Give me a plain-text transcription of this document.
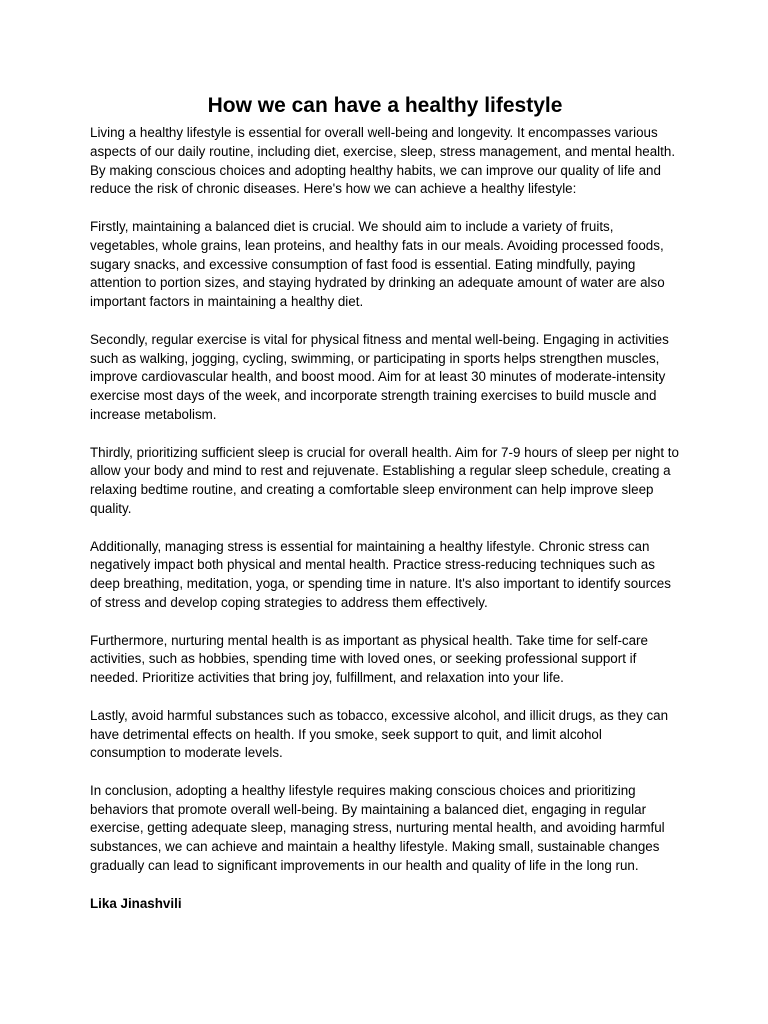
How we can have a healthy lifestyle

Living a healthy lifestyle is essential for overall well-being and longevity. It encompasses various aspects of our daily routine, including diet, exercise, sleep, stress management, and mental health. By making conscious choices and adopting healthy habits, we can improve our quality of life and reduce the risk of chronic diseases. Here's how we can achieve a healthy lifestyle:

Firstly, maintaining a balanced diet is crucial. We should aim to include a variety of fruits, vegetables, whole grains, lean proteins, and healthy fats in our meals. Avoiding processed foods, sugary snacks, and excessive consumption of fast food is essential. Eating mindfully, paying attention to portion sizes, and staying hydrated by drinking an adequate amount of water are also important factors in maintaining a healthy diet.

Secondly, regular exercise is vital for physical fitness and mental well-being. Engaging in activities such as walking, jogging, cycling, swimming, or participating in sports helps strengthen muscles, improve cardiovascular health, and boost mood. Aim for at least 30 minutes of moderate-intensity exercise most days of the week, and incorporate strength training exercises to build muscle and increase metabolism.

Thirdly, prioritizing sufficient sleep is crucial for overall health. Aim for 7-9 hours of sleep per night to allow your body and mind to rest and rejuvenate. Establishing a regular sleep schedule, creating a relaxing bedtime routine, and creating a comfortable sleep environment can help improve sleep quality.

Additionally, managing stress is essential for maintaining a healthy lifestyle. Chronic stress can negatively impact both physical and mental health. Practice stress-reducing techniques such as deep breathing, meditation, yoga, or spending time in nature. It's also important to identify sources of stress and develop coping strategies to address them effectively.

Furthermore, nurturing mental health is as important as physical health. Take time for self-care activities, such as hobbies, spending time with loved ones, or seeking professional support if needed. Prioritize activities that bring joy, fulfillment, and relaxation into your life.

Lastly, avoid harmful substances such as tobacco, excessive alcohol, and illicit drugs, as they can have detrimental effects on health. If you smoke, seek support to quit, and limit alcohol consumption to moderate levels.

In conclusion, adopting a healthy lifestyle requires making conscious choices and prioritizing behaviors that promote overall well-being. By maintaining a balanced diet, engaging in regular exercise, getting adequate sleep, managing stress, nurturing mental health, and avoiding harmful substances, we can achieve and maintain a healthy lifestyle. Making small, sustainable changes gradually can lead to significant improvements in our health and quality of life in the long run.

Lika Jinashvili
